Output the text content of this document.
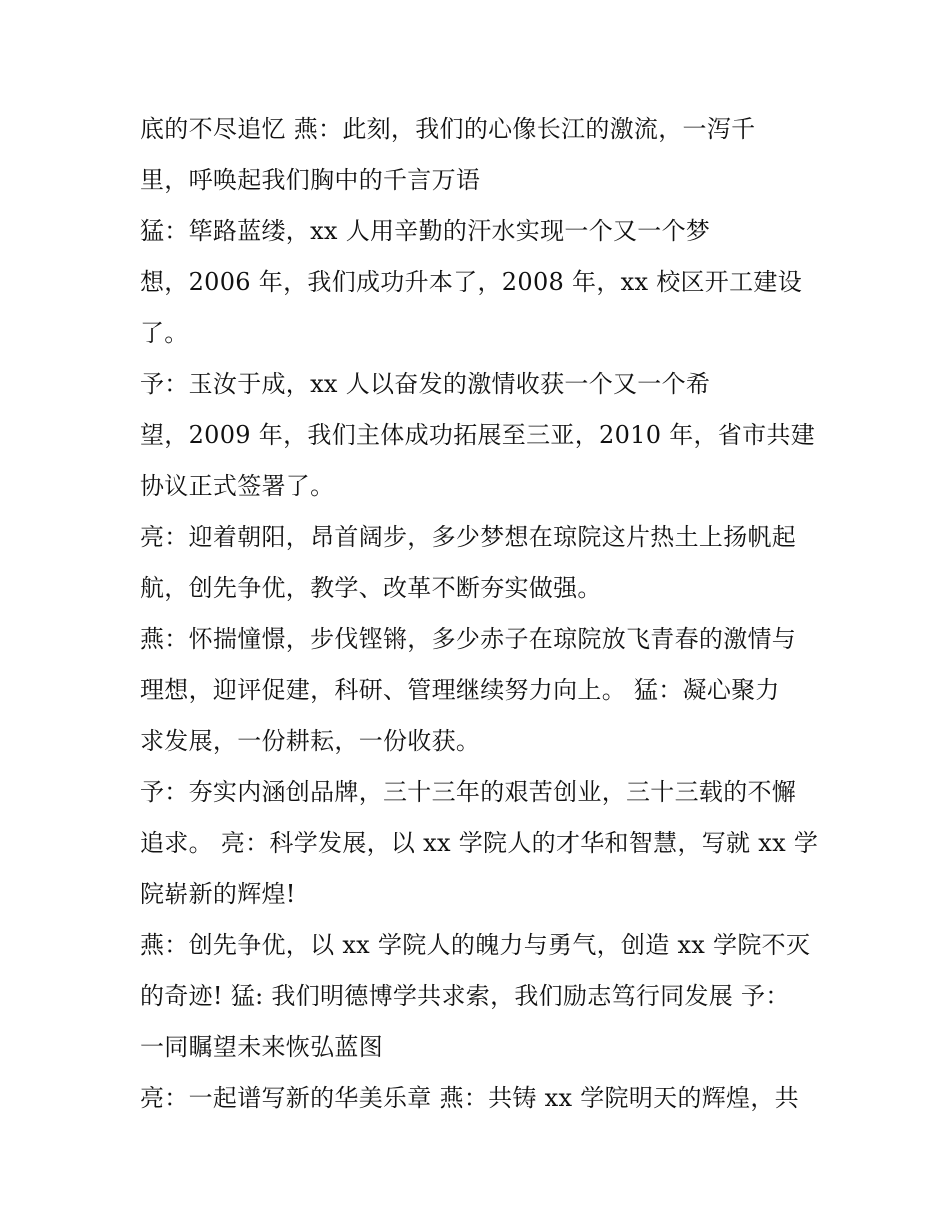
底的不尽追忆 燕：此刻，我们的心像长江的激流，一泻千
里，呼唤起我们胸中的千言万语
猛：筚路蓝缕，xx 人用辛勤的汗水实现一个又一个梦
想，2006 年，我们成功升本了，2008 年，xx 校区开工建设
了。
予：玉汝于成，xx 人以奋发的激情收获一个又一个希
望，2009 年，我们主体成功拓展至三亚，2010 年，省市共建
协议正式签署了。
亮：迎着朝阳，昂首阔步，多少梦想在琼院这片热土上扬帆起
航，创先争优，教学、改革不断夯实做强。
燕：怀揣憧憬，步伐铿锵，多少赤子在琼院放飞青春的激情与
理想，迎评促建，科研、管理继续努力向上。 猛：凝心聚力
求发展，一份耕耘，一份收获。
予：夯实内涵创品牌，三十三年的艰苦创业，三十三载的不懈
追求。 亮：科学发展，以 xx 学院人的才华和智慧，写就 xx 学
院崭新的辉煌!
燕：创先争优，以 xx 学院人的魄力与勇气，创造 xx 学院不灭
的奇迹! 猛: 我们明德博学共求索，我们励志笃行同发展 予：
一同瞩望未来恢弘蓝图
亮：一起谱写新的华美乐章 燕：共铸 xx 学院明天的辉煌，共
